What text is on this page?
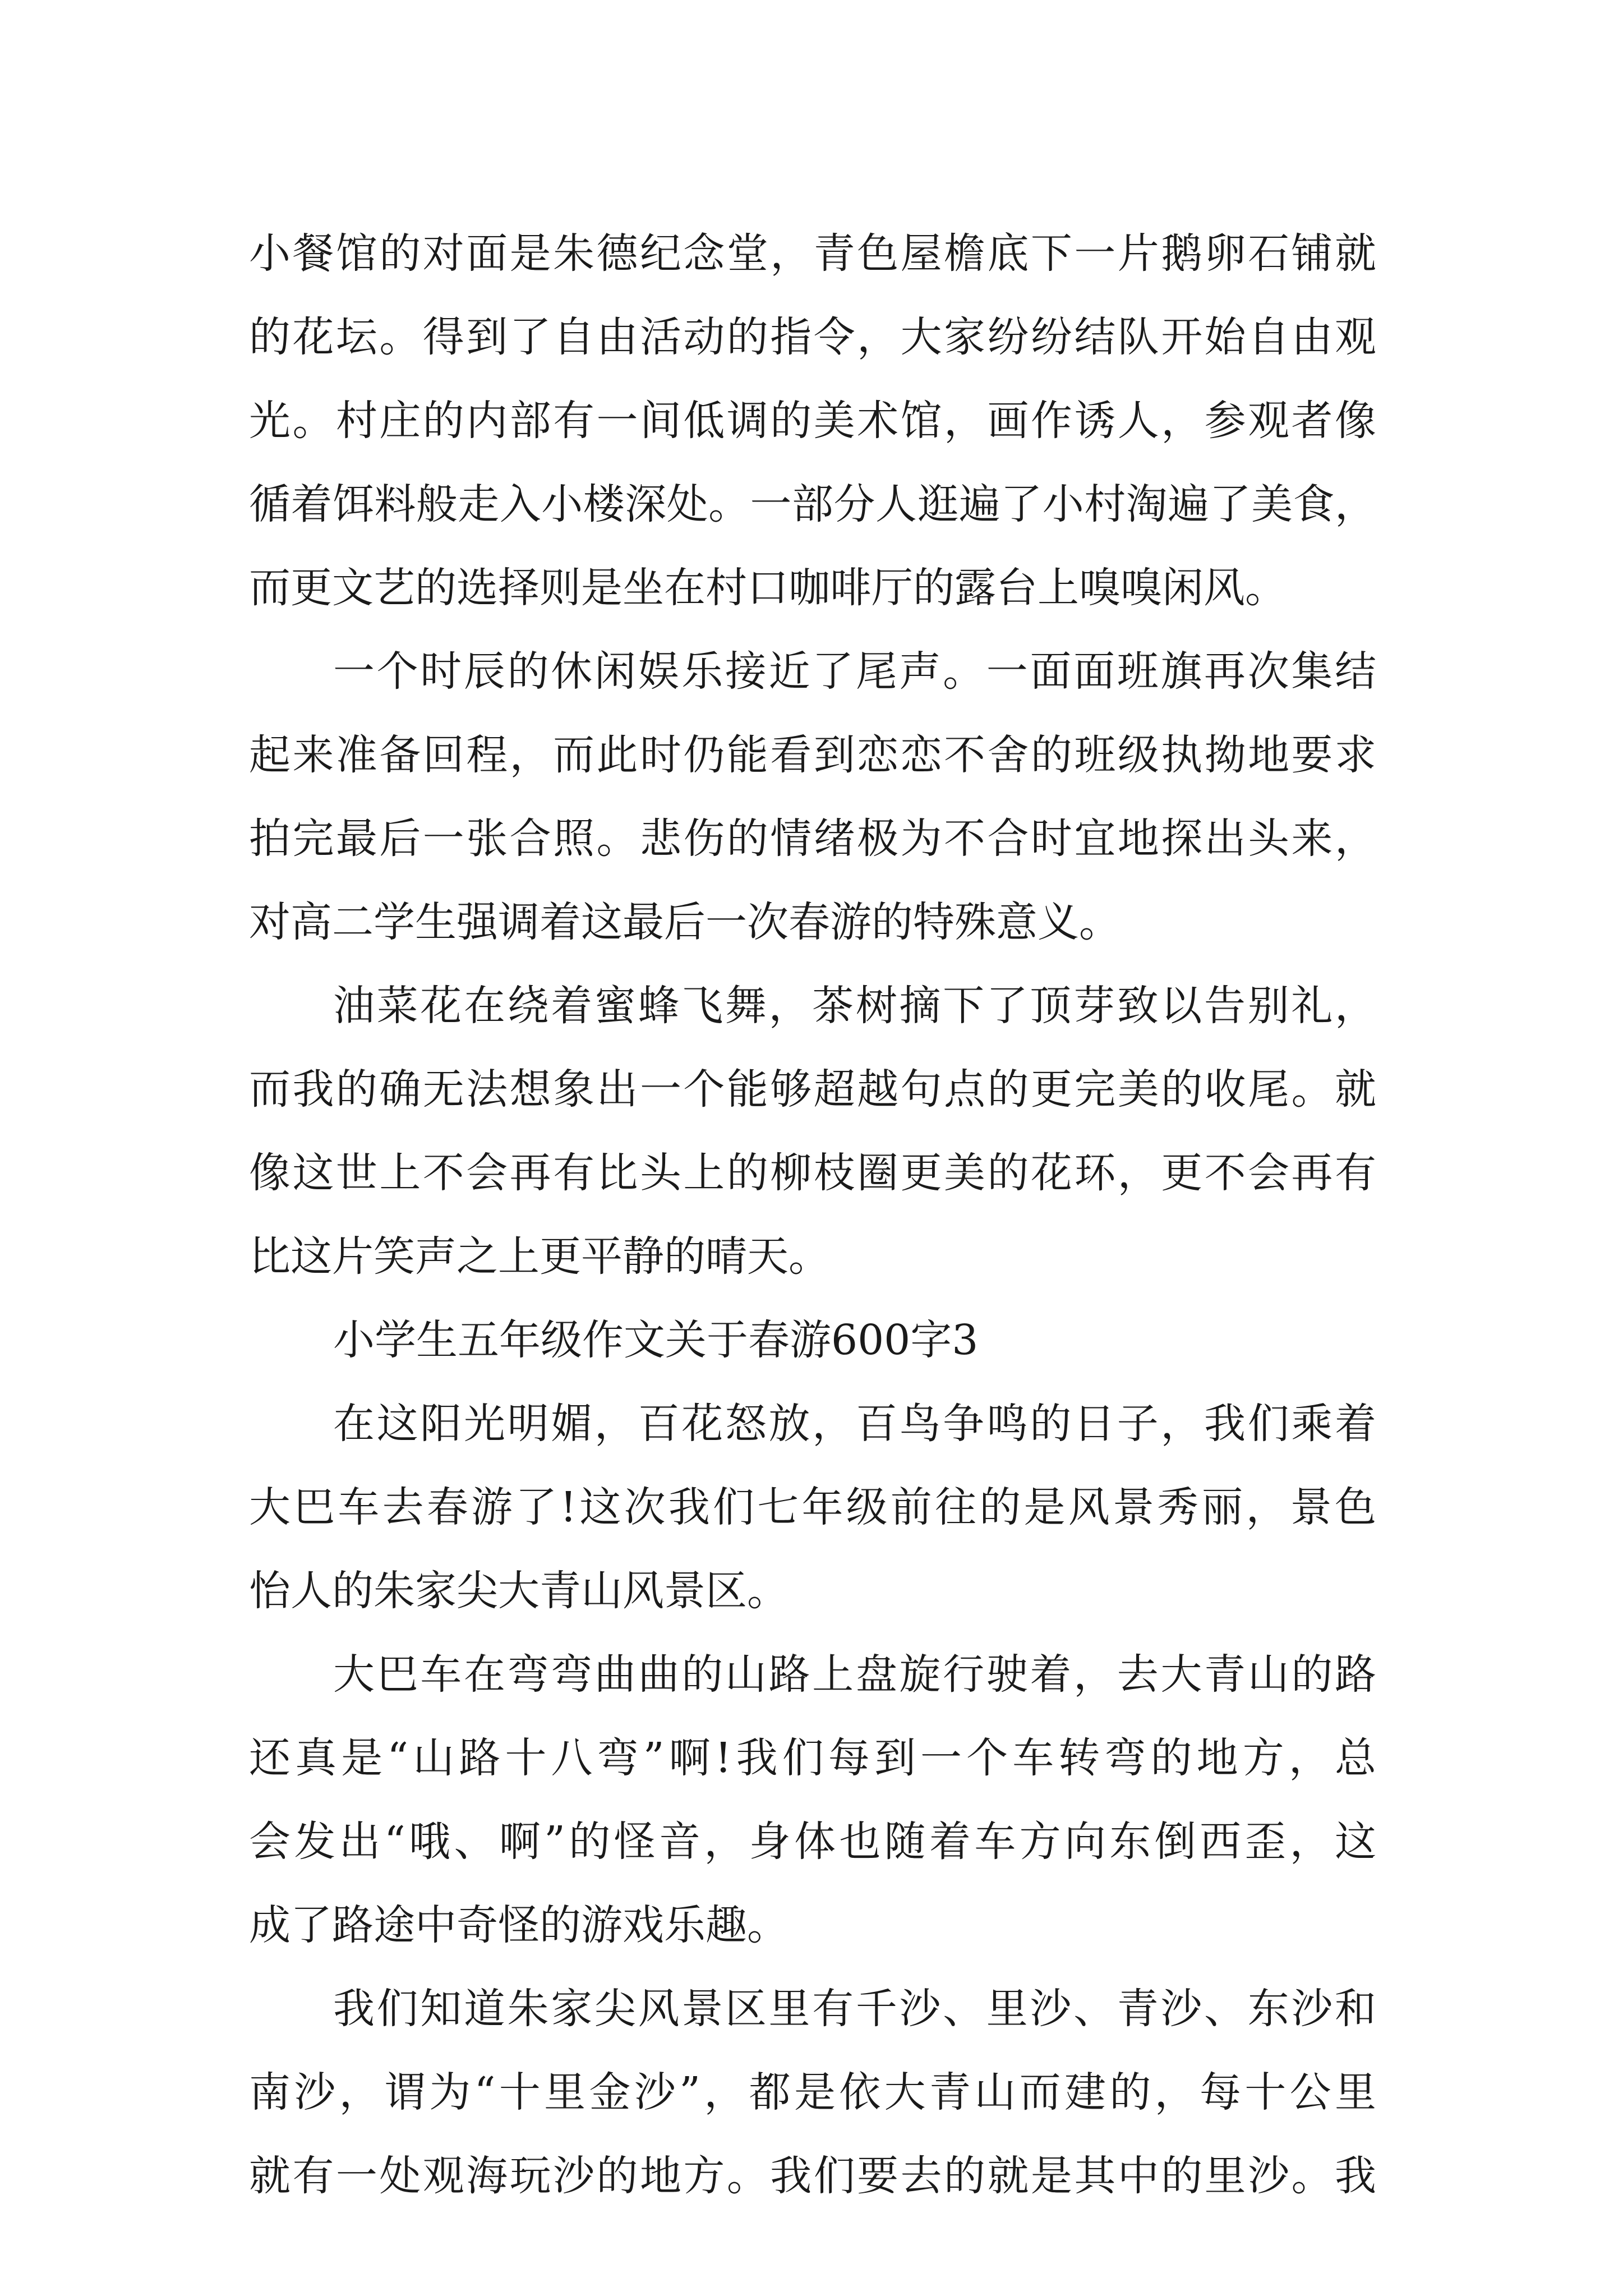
小餐馆的对面是朱德纪念堂，青色屋檐底下一片鹅卵石铺就
的花坛。得到了自由活动的指令，大家纷纷结队开始自由观
光。村庄的内部有一间低调的美术馆，画作诱人，参观者像
循着饵料般走入小楼深处。一部分人逛遍了小村淘遍了美食，
而更文艺的选择则是坐在村口咖啡厅的露台上嗅嗅闲风。
一个时辰的休闲娱乐接近了尾声。一面面班旗再次集结
起来准备回程，而此时仍能看到恋恋不舍的班级执拗地要求
拍完最后一张合照。悲伤的情绪极为不合时宜地探出头来，
对高二学生强调着这最后一次春游的特殊意义。
油菜花在绕着蜜蜂飞舞，茶树摘下了顶芽致以告别礼，
而我的确无法想象出一个能够超越句点的更完美的收尾。就
像这世上不会再有比头上的柳枝圈更美的花环，更不会再有
比这片笑声之上更平静的晴天。
小学生五年级作文关于春游600字3
在这阳光明媚，百花怒放，百鸟争鸣的日子，我们乘着
大巴车去春游了!这次我们七年级前往的是风景秀丽，景色
怡人的朱家尖大青山风景区。
大巴车在弯弯曲曲的山路上盘旋行驶着，去大青山的路
还真是“山路十八弯”啊!我们每到一个车转弯的地方，总
会发出“哦、啊”的怪音，身体也随着车方向东倒西歪，这
成了路途中奇怪的游戏乐趣。
我们知道朱家尖风景区里有千沙、里沙、青沙、东沙和
南沙，谓为“十里金沙”，都是依大青山而建的，每十公里
就有一处观海玩沙的地方。我们要去的就是其中的里沙。我
